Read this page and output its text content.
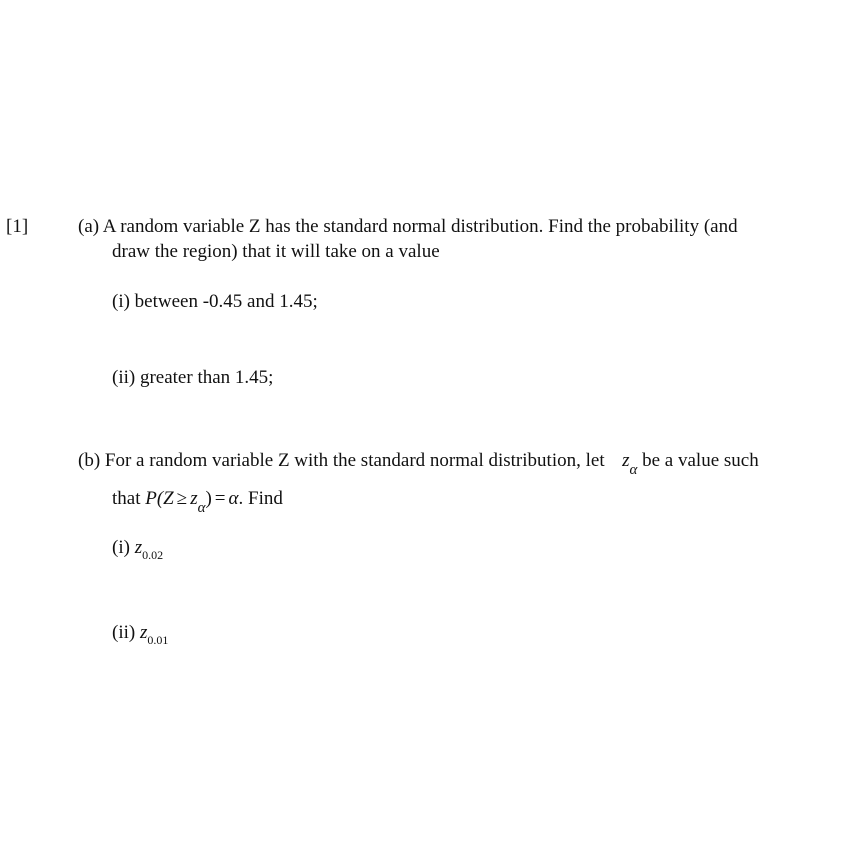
[1]	(a) A random variable Z has the standard normal distribution. Find the probability (and
draw the region) that it will take on a value
(i) between -0.45 and 1.45;
(ii) greater than 1.45;
(b) For a random variable Z with the standard normal distribution, let $z_\alpha$ be a value such
that $P(Z \ge z_\alpha) = \alpha$. Find
(i) $z_{0.02}$
(ii) $z_{0.01}$
